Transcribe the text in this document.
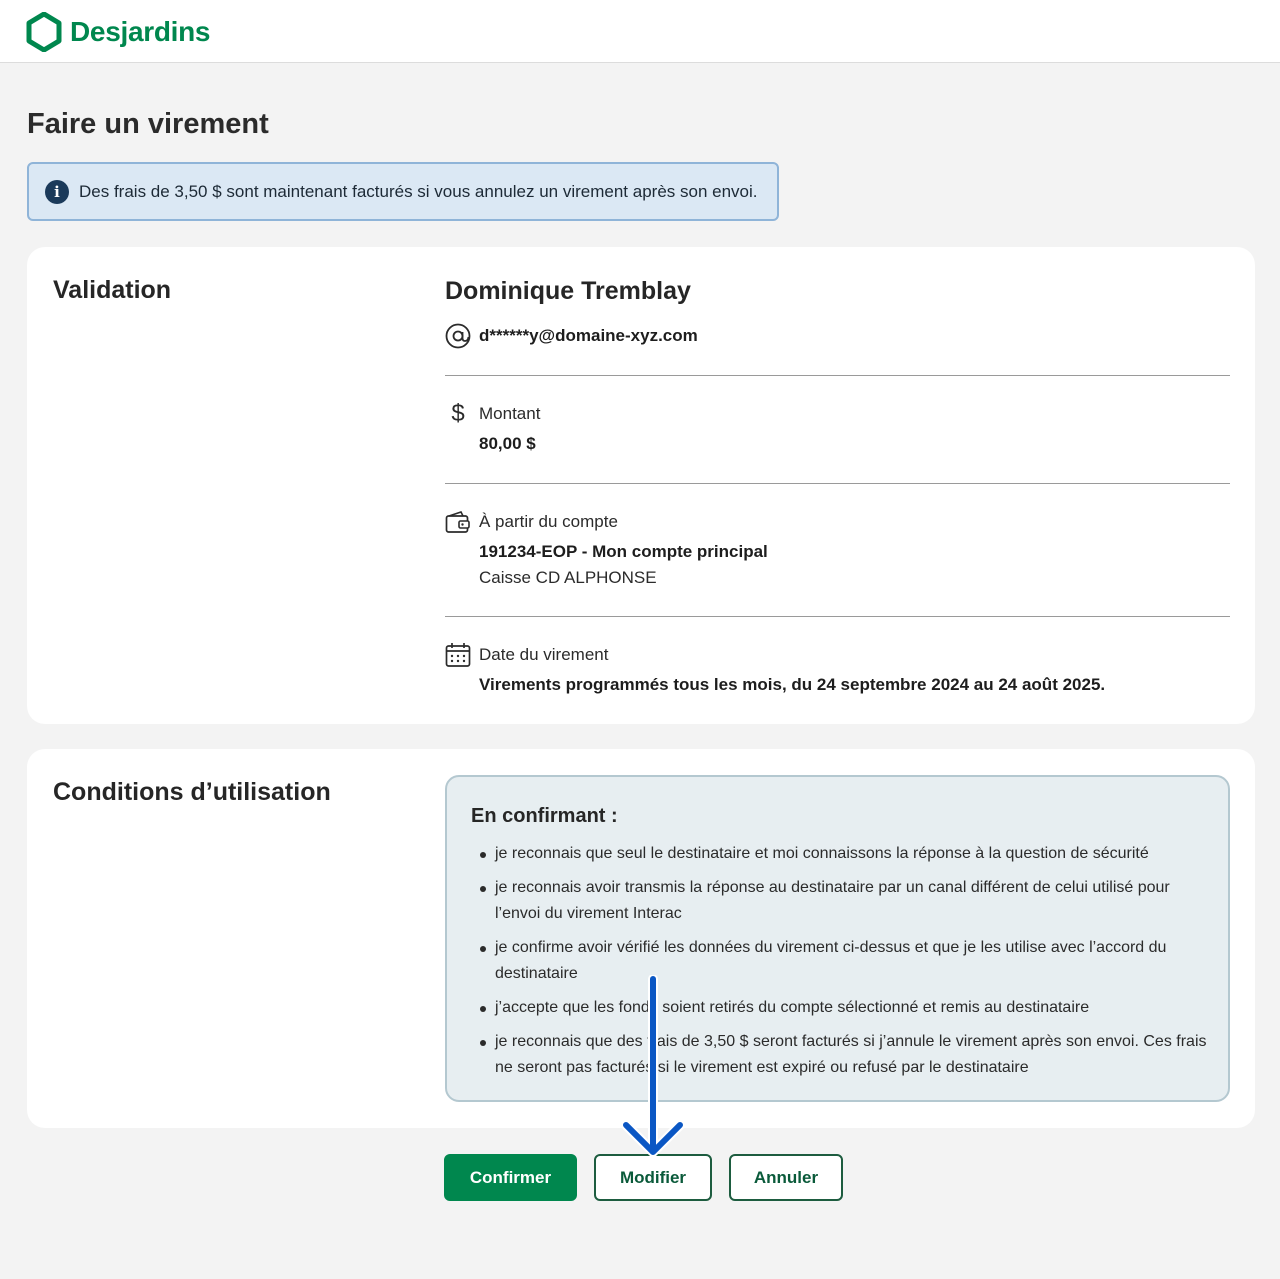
Desjardins
Faire un virement
i	Des frais de 3,50 $ sont maintenant facturés si vous annulez un virement après son envoi.
Validation	Dominique Tremblay
d******y@domaine-xyz.com
$ Montant
80,00 $
À partir du compte
191234-EOP - Mon compte principal
Caisse CD ALPHONSE
Date du virement
Virements programmés tous les mois, du 24 septembre 2024 au 24 août 2025.
Conditions d’utilisation
En confirmant :
je reconnais que seul le destinataire et moi connaissons la réponse à la question de sécurité
je reconnais avoir transmis la réponse au destinataire par un canal différent de celui utilisé pour l’envoi du virement Interac
je confirme avoir vérifié les données du virement ci-dessus et que je les utilise avec l’accord du destinataire
j’accepte que les fonds soient retirés du compte sélectionné et remis au destinataire
je reconnais que des frais de 3,50 $ seront facturés si j’annule le virement après son envoi. Ces frais ne seront pas facturés si le virement est expiré ou refusé par le destinataire
Confirmer	Modifier	Annuler
